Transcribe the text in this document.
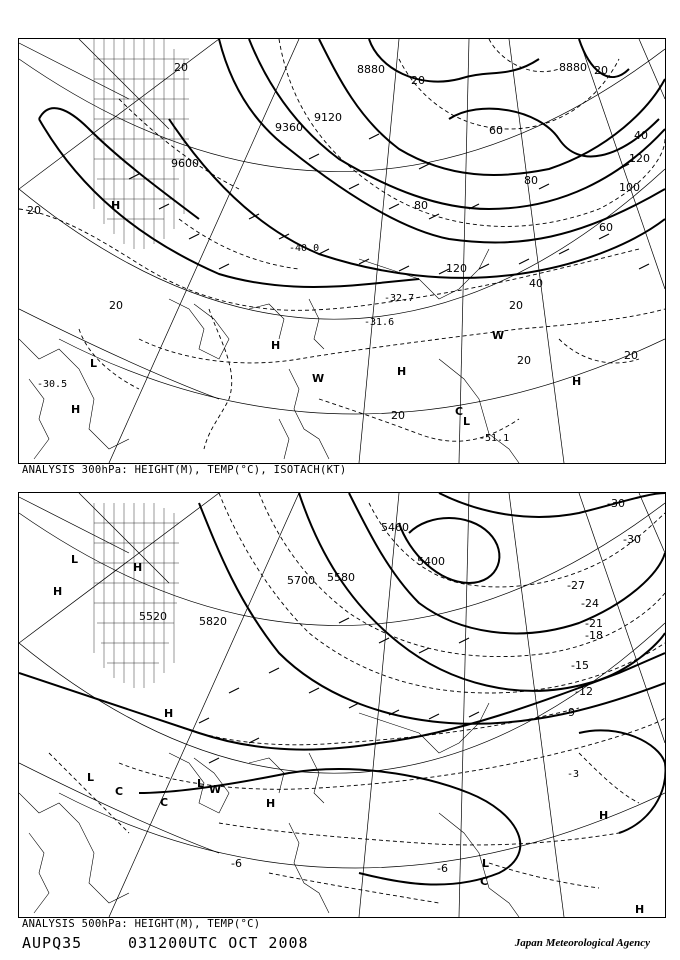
8880	8880
9120
9360
9600
20
20
20
20
20
20
20	20
20
40
40
60
60
80
80
100
120
120
-30.5
-31.6
-32.7
-40.0
-51.1
H
H
H
H
H
W
W
L
L
C
ANALYSIS 300hPa: HEIGHT(M), TEMP(°C), ISOTACH(KT)
5400
5460
5520
5580
5700
5820
-30
-30
-27
-24
-21
-18
-15
-12
-9
-6	-6
-3
H
H
H
H
H
H
L
L	L
L
C
C
C
W
ANALYSIS 500hPa: HEIGHT(M), TEMP(°C)
AUPQ35	031200UTC OCT 2008	Japan Meteorological Agency
